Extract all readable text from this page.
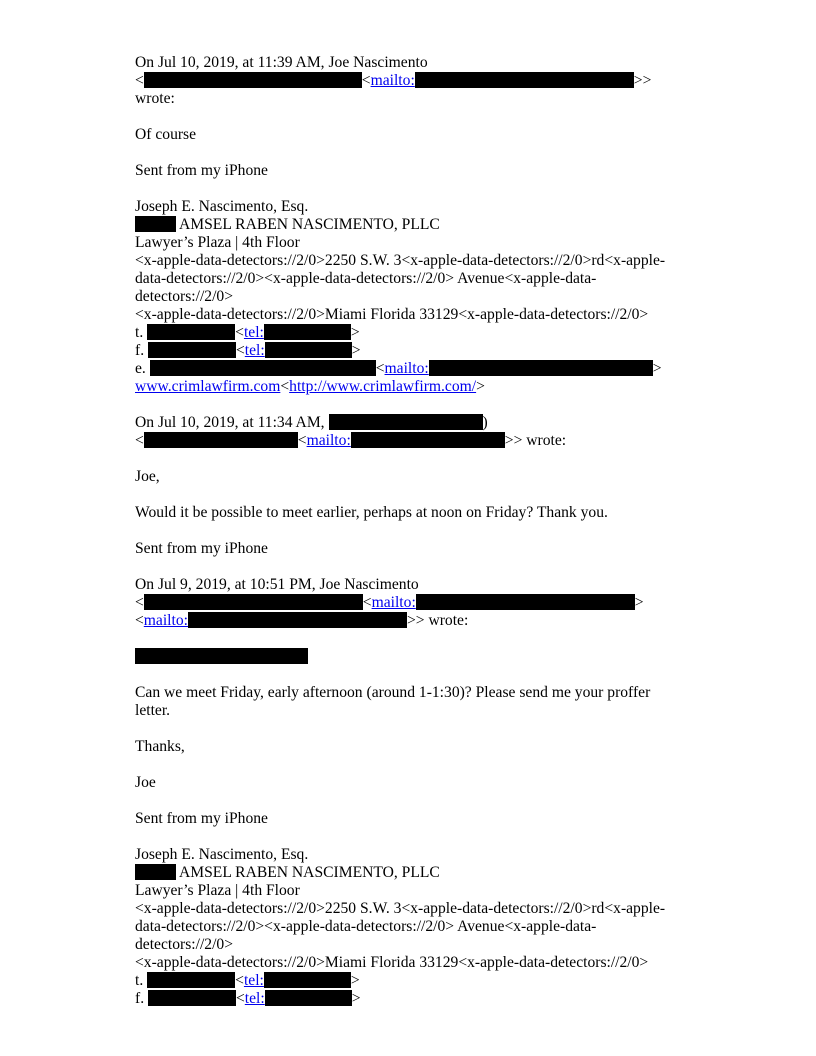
On Jul 10, 2019, at 11:39 AM, Joe Nascimento
<	<mailto:	>>
wrote:
Of course
Sent from my iPhone
Joseph E. Nascimento, Esq.
AMSEL RABEN NASCIMENTO, PLLC
Lawyer’s Plaza | 4th Floor
<x-apple-data-detectors://2/0>2250 S.W. 3<x-apple-data-detectors://2/0>rd<x-apple-
data-detectors://2/0><x-apple-data-detectors://2/0> Avenue<x-apple-data-
detectors://2/0>
<x-apple-data-detectors://2/0>Miami Florida 33129<x-apple-data-detectors://2/0>
t.	<tel:	>
f.	<tel:	>
e.	<mailto:	>
www.crimlawfirm.com<http://www.crimlawfirm.com/>
On Jul 10, 2019, at 11:34 AM,	)
<	<mailto:	>> wrote:
Joe,
Would it be possible to meet earlier, perhaps at noon on Friday? Thank you.
Sent from my iPhone
On Jul 9, 2019, at 10:51 PM, Joe Nascimento
<	<mailto:	>
<mailto:	>> wrote:
Can we meet Friday, early afternoon (around 1-1:30)? Please send me your proffer
letter.
Thanks,
Joe
Sent from my iPhone
Joseph E. Nascimento, Esq.
AMSEL RABEN NASCIMENTO, PLLC
Lawyer’s Plaza | 4th Floor
<x-apple-data-detectors://2/0>2250 S.W. 3<x-apple-data-detectors://2/0>rd<x-apple-
data-detectors://2/0><x-apple-data-detectors://2/0> Avenue<x-apple-data-
detectors://2/0>
<x-apple-data-detectors://2/0>Miami Florida 33129<x-apple-data-detectors://2/0>
t.	<tel:	>
f.	<tel:	>
